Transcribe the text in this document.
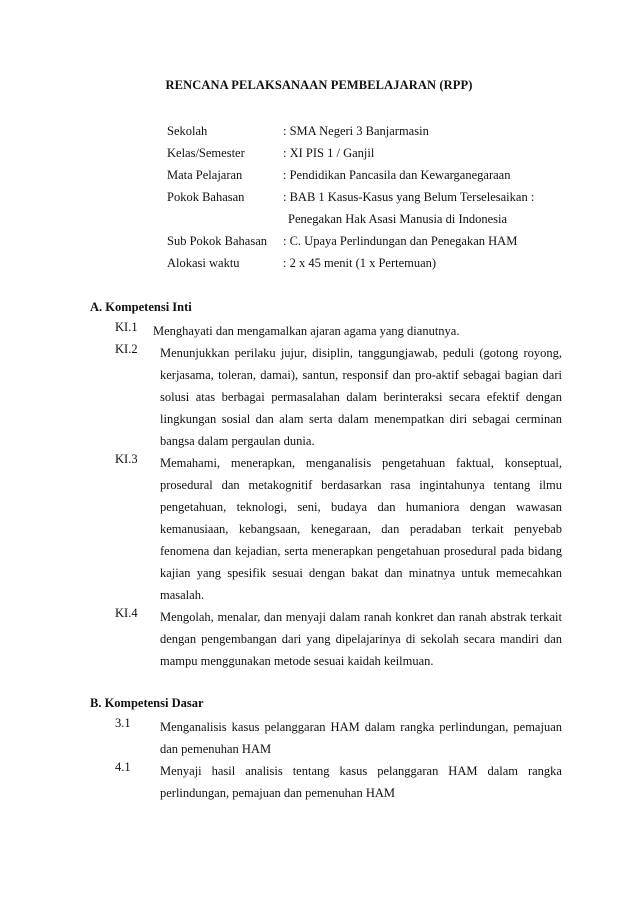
RENCANA PELAKSANAAN PEMBELAJARAN (RPP)
Sekolah	: SMA Negeri 3 Banjarmasin
Kelas/Semester	: XI PIS 1 / Ganjil
Mata Pelajaran	: Pendidikan Pancasila dan Kewarganegaraan
Pokok Bahasan	: BAB 1 Kasus-Kasus yang Belum Terselesaikan :
Penegakan Hak Asasi Manusia di Indonesia
Sub Pokok Bahasan : C. Upaya Perlindungan dan Penegakan HAM
Alokasi waktu	: 2 x 45 menit (1 x Pertemuan)
A. Kompetensi Inti
KI.1 Menghayati dan mengamalkan ajaran agama yang dianutnya.
KI.2 Menunjukkan perilaku jujur, disiplin, tanggungjawab, peduli (gotong royong, kerjasama, toleran, damai), santun, responsif dan pro-aktif sebagai bagian dari solusi atas berbagai permasalahan dalam berinteraksi secara efektif dengan lingkungan sosial dan alam serta dalam menempatkan diri sebagai cerminan bangsa dalam pergaulan dunia.
KI.3 Memahami, menerapkan, menganalisis pengetahuan faktual, konseptual, prosedural dan metakognitif berdasarkan rasa ingintahunya tentang ilmu pengetahuan, teknologi, seni, budaya dan humaniora dengan wawasan kemanusiaan, kebangsaan, kenegaraan, dan peradaban terkait penyebab fenomena dan kejadian, serta menerapkan pengetahuan prosedural pada bidang kajian yang spesifik sesuai dengan bakat dan minatnya untuk memecahkan masalah.
KI.4 Mengolah, menalar, dan menyaji dalam ranah konkret dan ranah abstrak terkait dengan pengembangan dari yang dipelajarinya di sekolah secara mandiri dan mampu menggunakan metode sesuai kaidah keilmuan.
B. Kompetensi Dasar
3.1 Menganalisis kasus pelanggaran HAM dalam rangka perlindungan, pemajuan dan pemenuhan HAM
4.1 Menyaji hasil analisis tentang kasus pelanggaran HAM dalam rangka perlindungan, pemajuan dan pemenuhan HAM
